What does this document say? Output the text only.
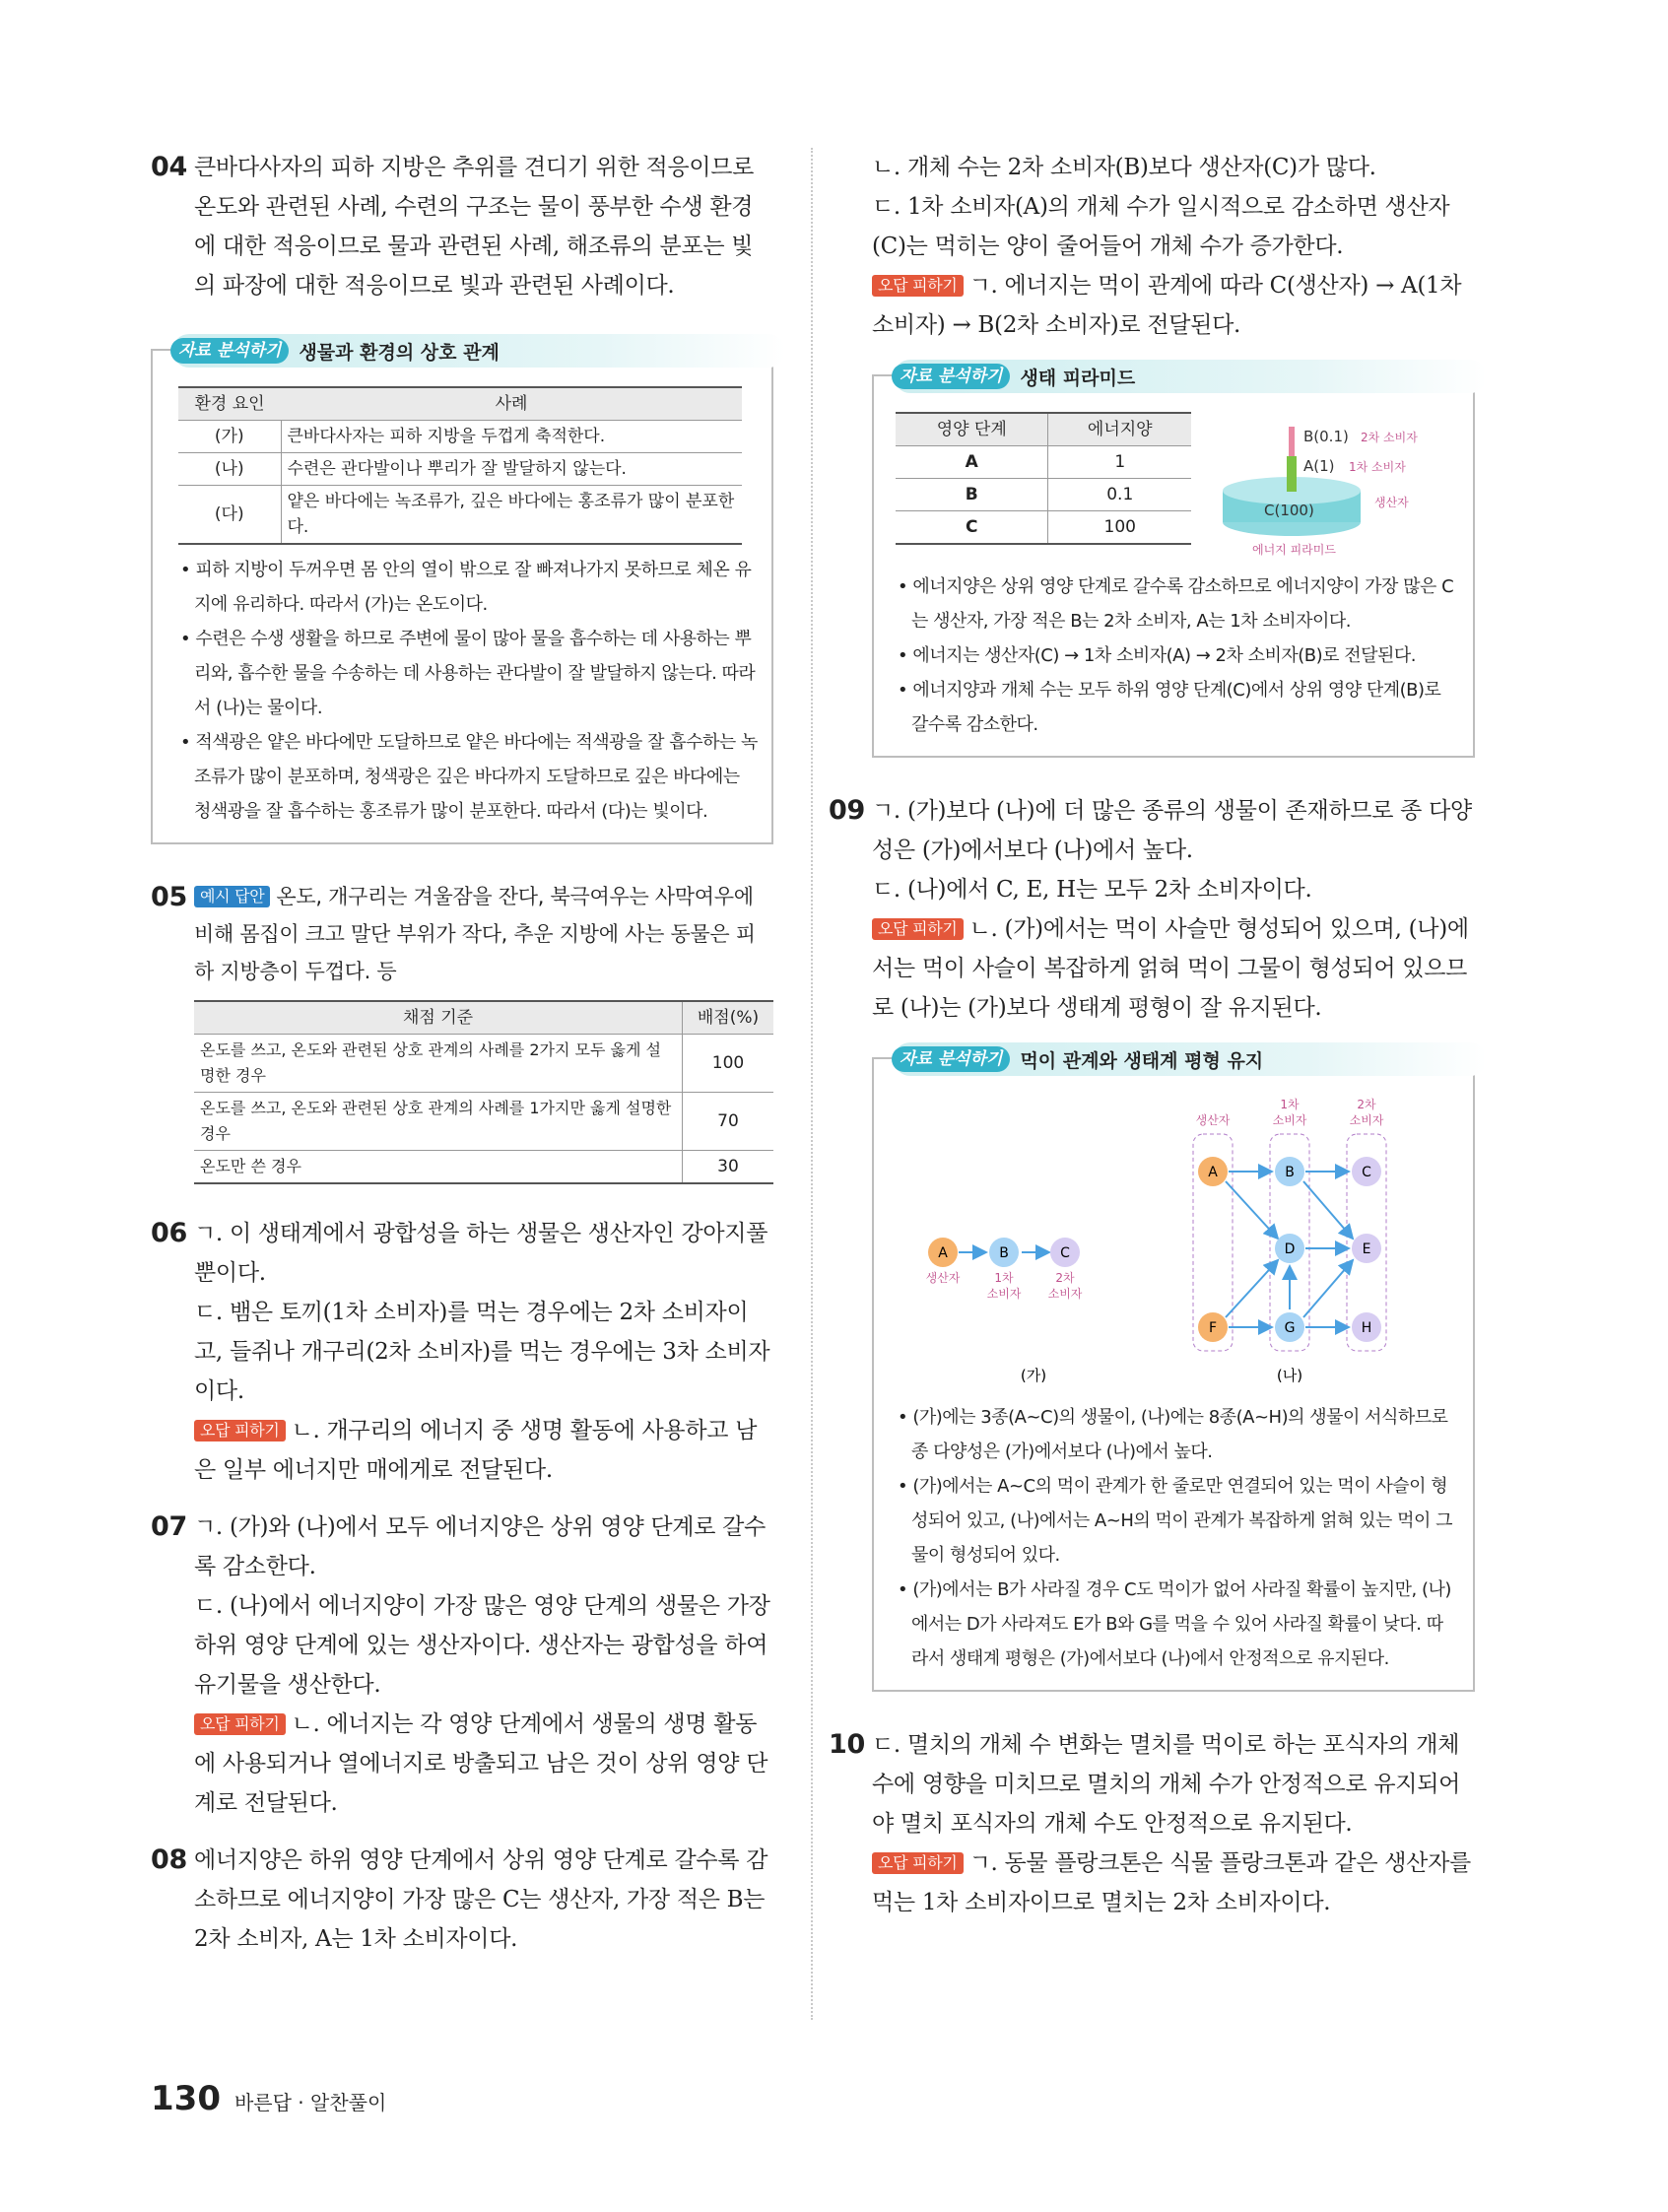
04 큰바다사자의 피하 지방은 추위를 견디기 위한 적응이므로 온도와 관련된 사례, 수련의 구조는 물이 풍부한 수생 환경에 대한 적응이므로 물과 관련된 사례, 해조류의 분포는 빛의 파장에 대한 적응이므로 빛과 관련된 사례이다.
자료 분석하기 생물과 환경의 상호 관계
환경 요인	사례
(가)	큰바다사자는 피하 지방을 두껍게 축적한다.
(나)	수련은 관다발이나 뿌리가 잘 발달하지 않는다.
(다)	얕은 바다에는 녹조류가, 깊은 바다에는 홍조류가 많이 분포한다.
• 피하 지방이 두꺼우면 몸 안의 열이 밖으로 잘 빠져나가지 못하므로 체온 유지에 유리하다. 따라서 (가)는 온도이다.
• 수련은 수생 생활을 하므로 주변에 물이 많아 물을 흡수하는 데 사용하는 뿌리와, 흡수한 물을 수송하는 데 사용하는 관다발이 잘 발달하지 않는다. 따라서 (나)는 물이다.
• 적색광은 얕은 바다에만 도달하므로 얕은 바다에는 적색광을 잘 흡수하는 녹조류가 많이 분포하며, 청색광은 깊은 바다까지 도달하므로 깊은 바다에는 청색광을 잘 흡수하는 홍조류가 많이 분포한다. 따라서 (다)는 빛이다.
05 예시 답안 온도, 개구리는 겨울잠을 잔다, 북극여우는 사막여우에 비해 몸집이 크고 말단 부위가 작다, 추운 지방에 사는 동물은 피하 지방층이 두껍다. 등
채점 기준	배점(%)
온도를 쓰고, 온도와 관련된 상호 관계의 사례를 2가지 모두 옳게 설명한 경우	100
온도를 쓰고, 온도와 관련된 상호 관계의 사례를 1가지만 옳게 설명한 경우	70
온도만 쓴 경우	30
06 ㄱ. 이 생태계에서 광합성을 하는 생물은 생산자인 강아지풀뿐이다.
ㄷ. 뱀은 토끼(1차 소비자)를 먹는 경우에는 2차 소비자이고, 들쥐나 개구리(2차 소비자)를 먹는 경우에는 3차 소비자이다.
오답 피하기 ㄴ. 개구리의 에너지 중 생명 활동에 사용하고 남은 일부 에너지만 매에게로 전달된다.
07 ㄱ. (가)와 (나)에서 모두 에너지양은 상위 영양 단계로 갈수록 감소한다.
ㄷ. (나)에서 에너지양이 가장 많은 영양 단계의 생물은 가장 하위 영양 단계에 있는 생산자이다. 생산자는 광합성을 하여 유기물을 생산한다.
오답 피하기 ㄴ. 에너지는 각 영양 단계에서 생물의 생명 활동에 사용되거나 열에너지로 방출되고 남은 것이 상위 영양 단계로 전달된다.
08 에너지양은 하위 영양 단계에서 상위 영양 단계로 갈수록 감소하므로 에너지양이 가장 많은 C는 생산자, 가장 적은 B는 2차 소비자, A는 1차 소비자이다.
ㄴ. 개체 수는 2차 소비자(B)보다 생산자(C)가 많다.
ㄷ. 1차 소비자(A)의 개체 수가 일시적으로 감소하면 생산자(C)는 먹히는 양이 줄어들어 개체 수가 증가한다.
오답 피하기 ㄱ. 에너지는 먹이 관계에 따라 C(생산자) → A(1차 소비자) → B(2차 소비자)로 전달된다.
자료 분석하기 생태 피라미드
영양 단계	에너지양
A	1
B	0.1
C	100
B(0.1) 2차 소비자
A(1) 1차 소비자
C(100)	생산자
에너지 피라미드
• 에너지양은 상위 영양 단계로 갈수록 감소하므로 에너지양이 가장 많은 C는 생산자, 가장 적은 B는 2차 소비자, A는 1차 소비자이다.
• 에너지는 생산자(C) → 1차 소비자(A) → 2차 소비자(B)로 전달된다.
• 에너지양과 개체 수는 모두 하위 영양 단계(C)에서 상위 영양 단계(B)로 갈수록 감소한다.
09 ㄱ. (가)보다 (나)에 더 많은 종류의 생물이 존재하므로 종 다양성은 (가)에서보다 (나)에서 높다.
ㄷ. (나)에서 C, E, H는 모두 2차 소비자이다.
오답 피하기 ㄴ. (가)에서는 먹이 사슬만 형성되어 있으며, (나)에서는 먹이 사슬이 복잡하게 얽혀 먹이 그물이 형성되어 있으므로 (나)는 (가)보다 생태계 평형이 잘 유지된다.
자료 분석하기 먹이 관계와 생태계 평형 유지
A	B	C
생산자	1차
소비자
2차
소비자
(가)
생산자
1차
소비자
2차
소비자
A	B	C
D	E
F	G	H
(나)
• (가)에는 3종(A~C)의 생물이, (나)에는 8종(A~H)의 생물이 서식하므로 종 다양성은 (가)에서보다 (나)에서 높다.
• (가)에서는 A~C의 먹이 관계가 한 줄로만 연결되어 있는 먹이 사슬이 형성되어 있고, (나)에서는 A~H의 먹이 관계가 복잡하게 얽혀 있는 먹이 그물이 형성되어 있다.
• (가)에서는 B가 사라질 경우 C도 먹이가 없어 사라질 확률이 높지만, (나)에서는 D가 사라져도 E가 B와 G를 먹을 수 있어 사라질 확률이 낮다. 따라서 생태계 평형은 (가)에서보다 (나)에서 안정적으로 유지된다.
10 ㄷ. 멸치의 개체 수 변화는 멸치를 먹이로 하는 포식자의 개체 수에 영향을 미치므로 멸치의 개체 수가 안정적으로 유지되어야 멸치 포식자의 개체 수도 안정적으로 유지된다.
오답 피하기 ㄱ. 동물 플랑크톤은 식물 플랑크톤과 같은 생산자를 먹는 1차 소비자이므로 멸치는 2차 소비자이다.
130 바른답 · 알찬풀이
